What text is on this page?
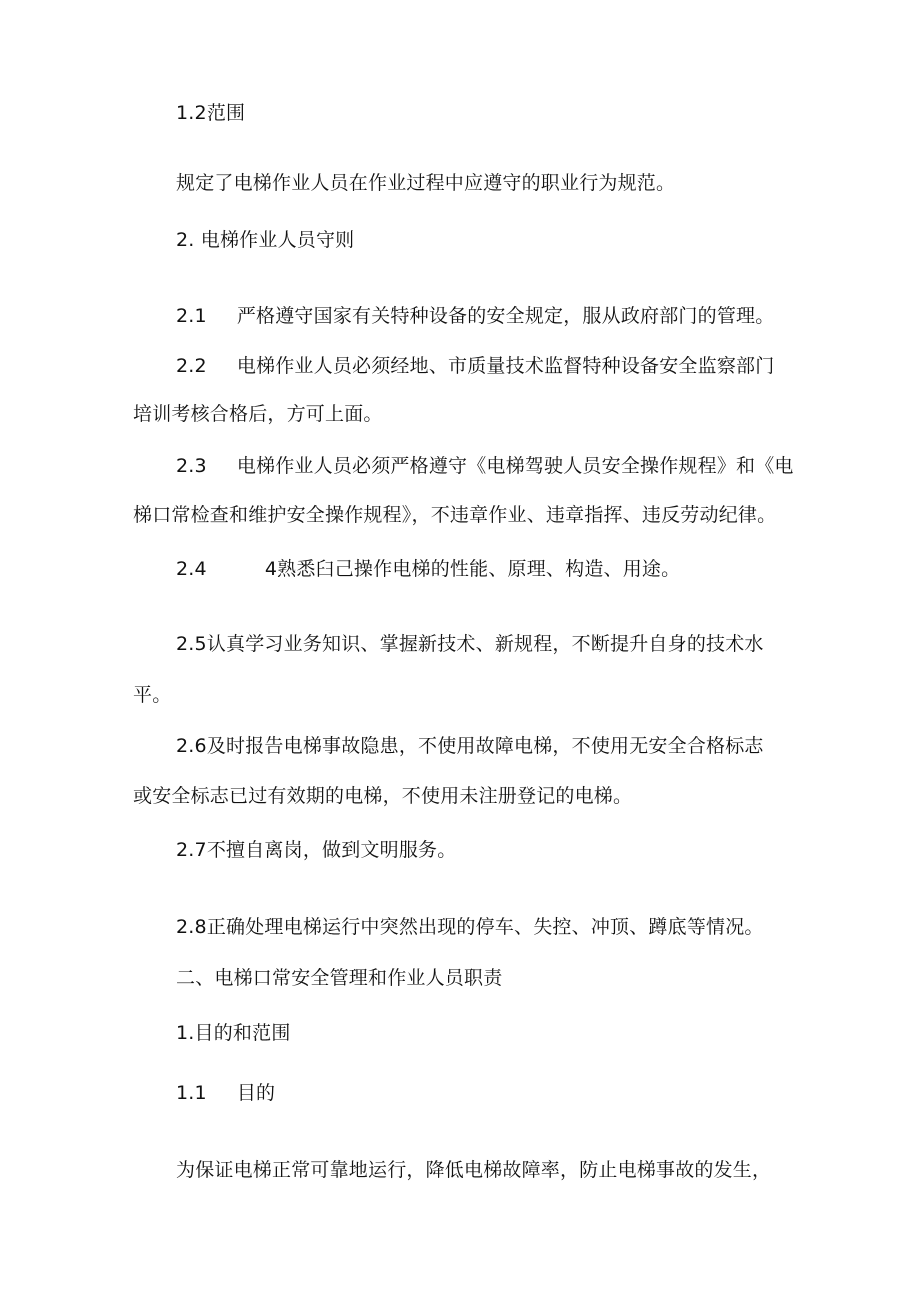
1.2范围

规定了电梯作业人员在作业过程中应遵守的职业行为规范。

2. 电梯作业人员守则

2.1 严格遵守国家有关特种设备的安全规定，服从政府部门的管理。

2.2 电梯作业人员必须经地、市质量技术监督特种设备安全监察部门

培训考核合格后，方可上面。

2.3 电梯作业人员必须严格遵守《电梯驾驶人员安全操作规程》和《电

梯口常检查和维护安全操作规程》，不违章作业、违章指挥、违反劳动纪律。

2.4	4熟悉臼己操作电梯的性能、原理、构造、用途。

2.5认真学习业务知识、掌握新技术、新规程，不断提升自身的技术水

平。

2.6及时报告电梯事故隐患，不使用故障电梯，不使用无安全合格标志

或安全标志已过有效期的电梯，不使用未注册登记的电梯。

2.7不擅自离岗，做到文明服务。

2.8正确处理电梯运行中突然出现的停车、失控、冲顶、蹲底等情况。

二、电梯口常安全管理和作业人员职责

1.目的和范围

1.1 目的

为保证电梯正常可靠地运行，降低电梯故障率，防止电梯事故的发生，
